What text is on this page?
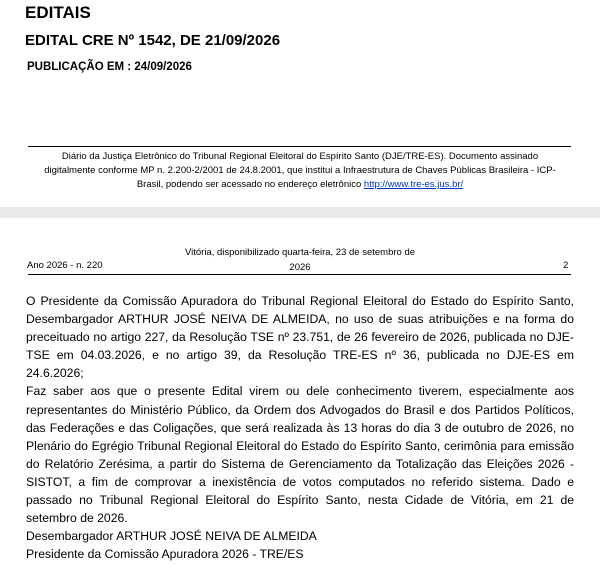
EDITAIS
EDITAL CRE Nº 1542, DE 21/09/2026
PUBLICAÇÃO EM : 24/09/2026
Diário da Justiça Eletrônico do Tribunal Regional Eleitoral do Espírito Santo (DJE/TRE-ES). Documento assinado digitalmente conforme MP n. 2.200-2/2001 de 24.8.2001, que institui a Infraestrutura de Chaves Públicas Brasileira - ICP-Brasil, podendo ser acessado no endereço eletrônico http://www.tre-es.jus.br/
Vitória, disponibilizado quarta-feira, 23 de setembro de
2026
Ano 2026 - n. 220	2

O Presidente da Comissão Apuradora do Tribunal Regional Eleitoral do Estado do Espírito Santo, Desembargador ARTHUR JOSÉ NEIVA DE ALMEIDA, no uso de suas atribuições e na forma do preceituado no artigo 227, da Resolução TSE nº 23.751, de 26 fevereiro de 2026, publicada no DJE-TSE em 04.03.2026, e no artigo 39, da Resolução TRE-ES nº 36, publicada no DJE-ES em 24.6.2026;

Faz saber aos que o presente Edital virem ou dele conhecimento tiverem, especialmente aos representantes do Ministério Público, da Ordem dos Advogados do Brasil e dos Partidos Políticos, das Federações e das Coligações, que será realizada às 13 horas do dia 3 de outubro de 2026, no Plenário do Egrégio Tribunal Regional Eleitoral do Estado do Espírito Santo, cerimônia para emissão do Relatório Zerésima, a partir do Sistema de Gerenciamento da Totalização das Eleições 2026 - SISTOT, a fim de comprovar a inexistência de votos computados no referido sistema. Dado e passado no Tribunal Regional Eleitoral do Espírito Santo, nesta Cidade de Vitória, em 21 de setembro de 2026.

Desembargador ARTHUR JOSÉ NEIVA DE ALMEIDA

Presidente da Comissão Apuradora 2026 - TRE/ES
